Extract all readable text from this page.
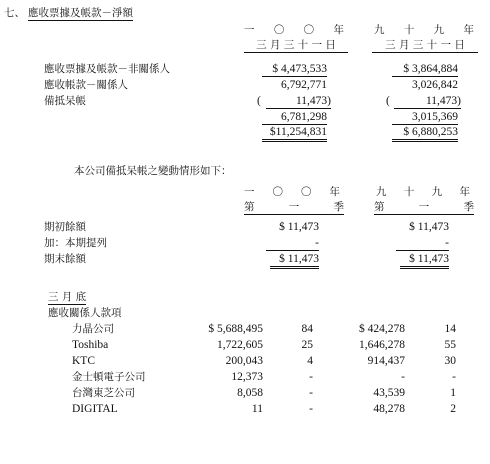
七、 應收票據及帳款－淨額
一 〇 〇 年
三 月 三 十 一 日
九 十 九 年
三 月 三 十 一 日
應收票據及帳款－非關係人	$ 4,473,533	$ 3,864,884
應收帳款－關係人	6,792,771	3,026,842
備抵呆帳	(	11,473)	(	11,473)
6,781,298	3,015,369
$11,254,831	$ 6,880,253
本公司備抵呆帳之變動情形如下：
一 〇 〇 年
第	一	季
九 十 九 年
第	一	季
期初餘額	$ 11,473	$ 11,473
加：本期提列	-	-
期末餘額	$ 11,473	$ 11,473
三 月 底
應收關係人款項
力晶公司	$ 5,688,495	84	$ 424,278	14
Toshiba	1,722,605	25	1,646,278	55
KTC	200,043	4	914,437	30
金士頓電子公司	12,373	-	-	-
台灣東芝公司	8,058	-	43,539	1
DIGITAL	11	-	48,278	2
